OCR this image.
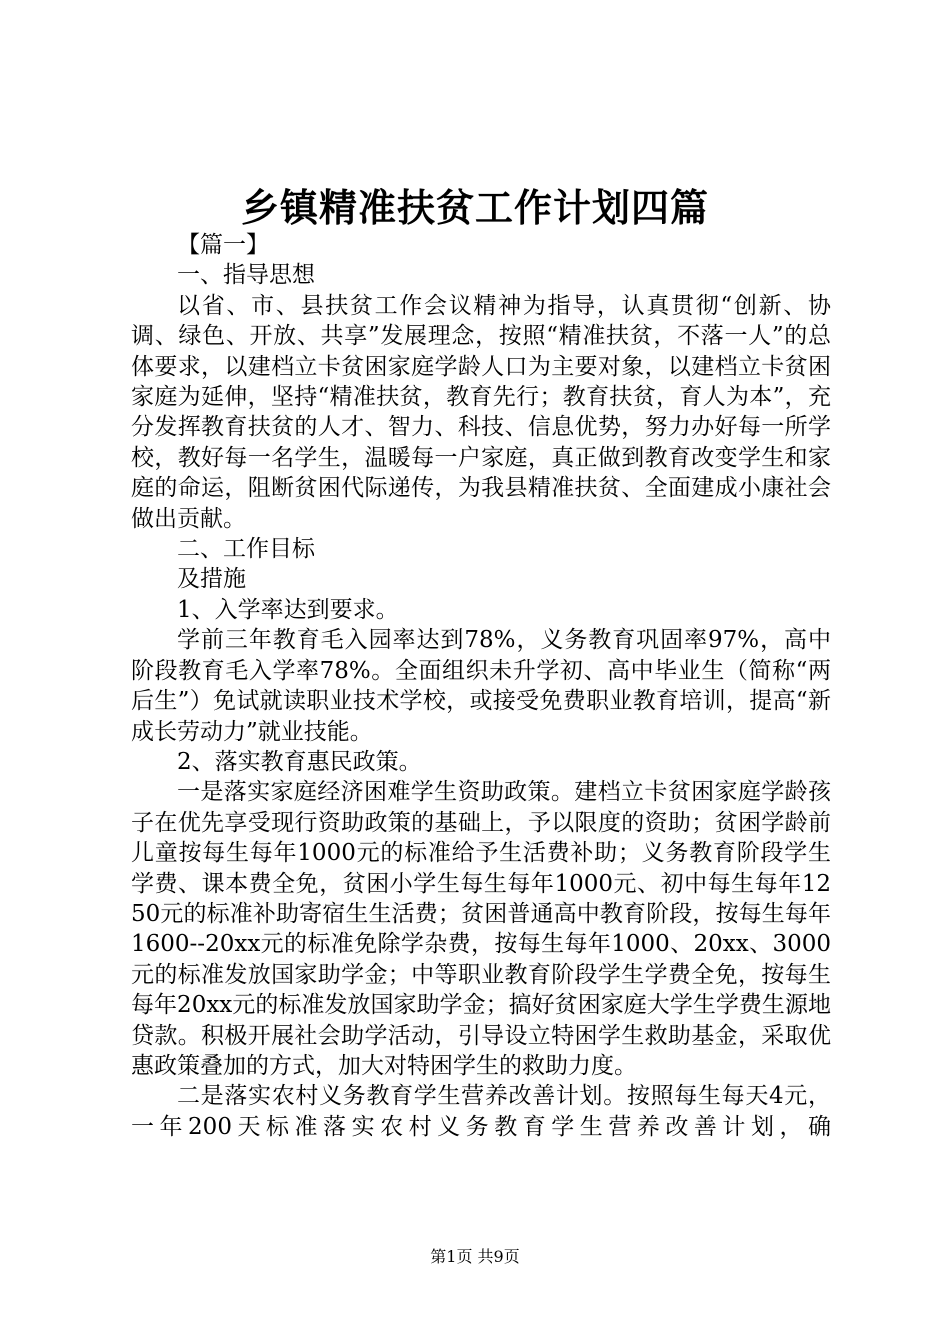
乡镇精准扶贫工作计划四篇

【篇一】

一、指导思想

以省、市、县扶贫工作会议精神为指导，认真贯彻“创新、协调、绿色、开放、共享”发展理念，按照“精准扶贫，不落一人”的总体要求，以建档立卡贫困家庭学龄人口为主要对象，以建档立卡贫困家庭为延伸，坚持“精准扶贫，教育先行；教育扶贫，育人为本”，充分发挥教育扶贫的人才、智力、科技、信息优势，努力办好每一所学校，教好每一名学生，温暖每一户家庭，真正做到教育改变学生和家庭的命运，阻断贫困代际递传，为我县精准扶贫、全面建成小康社会做出贡献。

二、工作目标

及措施

1、入学率达到要求。

学前三年教育毛入园率达到78%，义务教育巩固率97%，高中阶段教育毛入学率78%。全面组织未升学初、高中毕业生（简称“两后生”）免试就读职业技术学校，或接受免费职业教育培训，提高“新成长劳动力”就业技能。

2、落实教育惠民政策。

一是落实家庭经济困难学生资助政策。建档立卡贫困家庭学龄孩子在优先享受现行资助政策的基础上，予以限度的资助；贫困学龄前儿童按每生每年1000元的标准给予生活费补助；义务教育阶段学生学费、课本费全免，贫困小学生每生每年1000元、初中每生每年1250元的标准补助寄宿生生活费；贫困普通高中教育阶段，按每生每年1600--20xx元的标准免除学杂费，按每生每年1000、20xx、3000元的标准发放国家助学金；中等职业教育阶段学生学费全免，按每生每年20xx元的标准发放国家助学金；搞好贫困家庭大学生学费生源地贷款。积极开展社会助学活动，引导设立特困学生救助基金，采取优惠政策叠加的方式，加大对特困学生的救助力度。

二是落实农村义务教育学生营养改善计划。按照每生每天4元，一年200天标准落实农村义务教育学生营养改善计划，确

第1页 共9页
